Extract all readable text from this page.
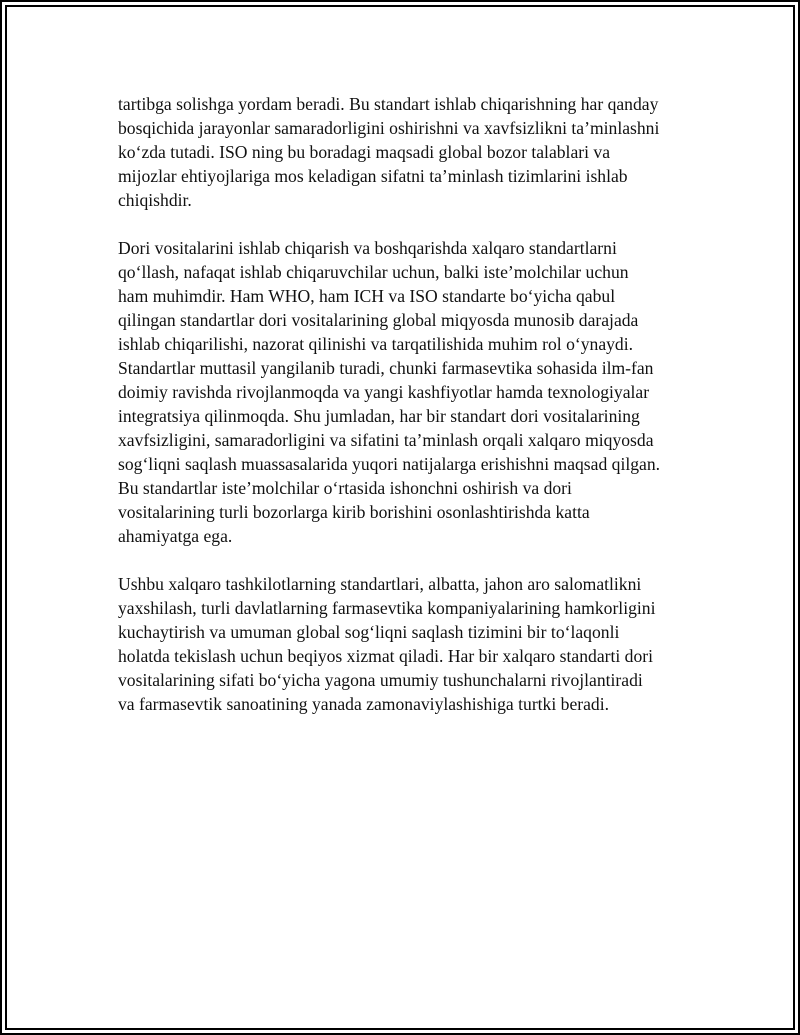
tartibga solishga yordam beradi. Bu standart ishlab chiqarishning har qanday
bosqichida jarayonlar samaradorligini oshirishni va xavfsizlikni ta’minlashni
ko‘zda tutadi. ISO ning bu boradagi maqsadi global bozor talablari va
mijozlar ehtiyojlariga mos keladigan sifatni ta’minlash tizimlarini ishlab
chiqishdir.

Dori vositalarini ishlab chiqarish va boshqarishda xalqaro standartlarni
qo‘llash, nafaqat ishlab chiqaruvchilar uchun, balki iste’molchilar uchun
ham muhimdir. Ham WHO, ham ICH va ISO standarte bo‘yicha qabul
qilingan standartlar dori vositalarining global miqyosda munosib darajada
ishlab chiqarilishi, nazorat qilinishi va tarqatilishida muhim rol o‘ynaydi.
Standartlar muttasil yangilanib turadi, chunki farmasevtika sohasida ilm-fan
doimiy ravishda rivojlanmoqda va yangi kashfiyotlar hamda texnologiyalar
integratsiya qilinmoqda. Shu jumladan, har bir standart dori vositalarining
xavfsizligini, samaradorligini va sifatini ta’minlash orqali xalqaro miqyosda
sog‘liqni saqlash muassasalarida yuqori natijalarga erishishni maqsad qilgan.
Bu standartlar iste’molchilar o‘rtasida ishonchni oshirish va dori
vositalarining turli bozorlarga kirib borishini osonlashtirishda katta
ahamiyatga ega.

Ushbu xalqaro tashkilotlarning standartlari, albatta, jahon aro salomatlikni
yaxshilash, turli davlatlarning farmasevtika kompaniyalarining hamkorligini
kuchaytirish va umuman global sog‘liqni saqlash tizimini bir to‘laqonli
holatda tekislash uchun beqiyos xizmat qiladi. Har bir xalqaro standarti dori
vositalarining sifati bo‘yicha yagona umumiy tushunchalarni rivojlantiradi
va farmasevtik sanoatining yanada zamonaviylashishiga turtki beradi.
